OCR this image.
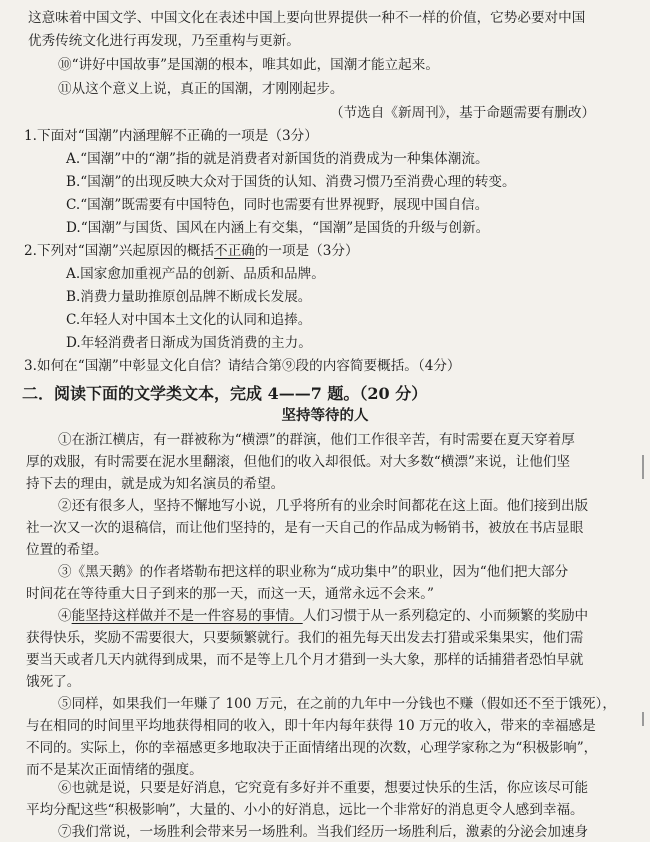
这意味着中国文学、中国文化在表述中国上要向世界提供一种不一样的价值，它势必要对中国
优秀传统文化进行再发现，乃至重构与更新。
⑩“讲好中国故事”是国潮的根本，唯其如此，国潮才能立起来。
⑪从这个意义上说，真正的国潮，才刚刚起步。
（节选自《新周刊》，基于命题需要有删改）
1.下面对“国潮”内涵理解不正确的一项是（3分）
A.“国潮”中的“潮”指的就是消费者对新国货的消费成为一种集体潮流。
B.“国潮”的出现反映大众对于国货的认知、消费习惯乃至消费心理的转变。
C.“国潮”既需要有中国特色，同时也需要有世界视野，展现中国自信。
D.“国潮”与国货、国风在内涵上有交集，“国潮”是国货的升级与创新。
2.下列对“国潮”兴起原因的概括不正确的一项是（3分）
A.国家愈加重视产品的创新、品质和品牌。
B.消费力量助推原创品牌不断成长发展。
C.年轻人对中国本土文化的认同和追捧。
D.年轻消费者日渐成为国货消费的主力。
3.如何在“国潮”中彰显文化自信？请结合第⑨段的内容简要概括。（4分）
二．阅读下面的文学类文本，完成 4——7 题。（20 分）
坚持等待的人
①在浙江横店，有一群被称为“横漂”的群演，他们工作很辛苦，有时需要在夏天穿着厚
厚的戏服，有时需要在泥水里翻滚，但他们的收入却很低。对大多数“横漂”来说，让他们坚
持下去的理由，就是成为知名演员的希望。
②还有很多人，坚持不懈地写小说，几乎将所有的业余时间都花在这上面。他们接到出版
社一次又一次的退稿信，而让他们坚持的，是有一天自己的作品成为畅销书，被放在书店显眼
位置的希望。
③《黑天鹅》的作者塔勒布把这样的职业称为“成功集中”的职业，因为“他们把大部分
时间花在等待重大日子到来的那一天，而这一天，通常永远不会来。”
④能坚持这样做并不是一件容易的事情。人们习惯于从一系列稳定的、小而频繁的奖励中
获得快乐，奖励不需要很大，只要频繁就行。我们的祖先每天出发去打猎或采集果实，他们需
要当天或者几天内就得到成果，而不是等上几个月才猎到一头大象，那样的话捕猎者恐怕早就
饿死了。
⑤同样，如果我们一年赚了 100 万元，在之前的九年中一分钱也不赚（假如还不至于饿死），
与在相同的时间里平均地获得相同的收入，即十年内每年获得 10 万元的收入，带来的幸福感是
不同的。实际上，你的幸福感更多地取决于正面情绪出现的次数，心理学家称之为“积极影响”，
而不是某次正面情绪的强度。
⑥也就是说，只要是好消息，它究竟有多好并不重要，想要过快乐的生活，你应该尽可能
平均分配这些“积极影响”，大量的、小小的好消息，远比一个非常好的消息更令人感到幸福。
⑦我们常说，一场胜利会带来另一场胜利。当我们经历一场胜利后，激素的分泌会加速身
